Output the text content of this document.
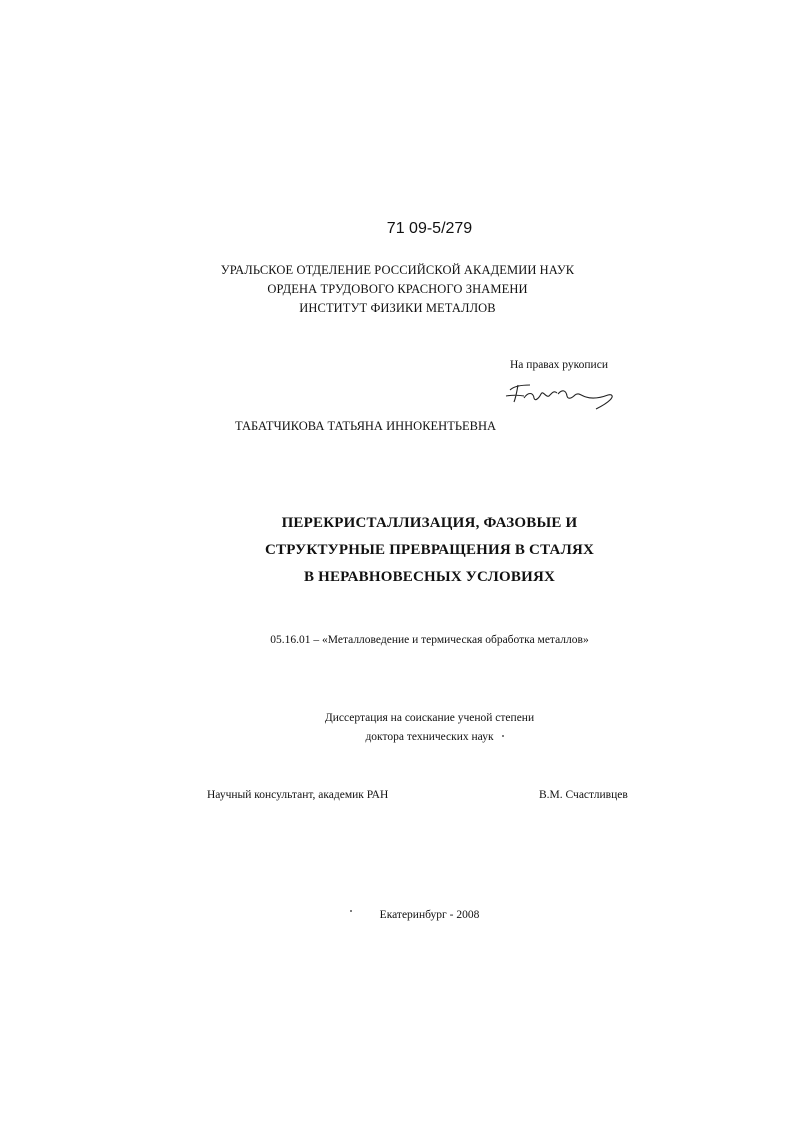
71 09-5/279
УРАЛЬСКОЕ ОТДЕЛЕНИЕ РОССИЙСКОЙ АКАДЕМИИ НАУК
ОРДЕНА ТРУДОВОГО КРАСНОГО ЗНАМЕНИ
ИНСТИТУТ ФИЗИКИ МЕТАЛЛОВ
На правах рукописи
ТАБАТЧИКОВА ТАТЬЯНА ИННОКЕНТЬЕВНА
ПЕРЕКРИСТАЛЛИЗАЦИЯ, ФАЗОВЫЕ И
СТРУКТУРНЫЕ ПРЕВРАЩЕНИЯ В СТАЛЯХ
В НЕРАВНОВЕСНЫХ УСЛОВИЯХ
05.16.01 – «Металловедение и термическая обработка металлов»
Диссертация на соискание ученой степени
доктора технических наук
Научный консультант, академик РАН	В.М. Счастливцев
Екатеринбург - 2008
